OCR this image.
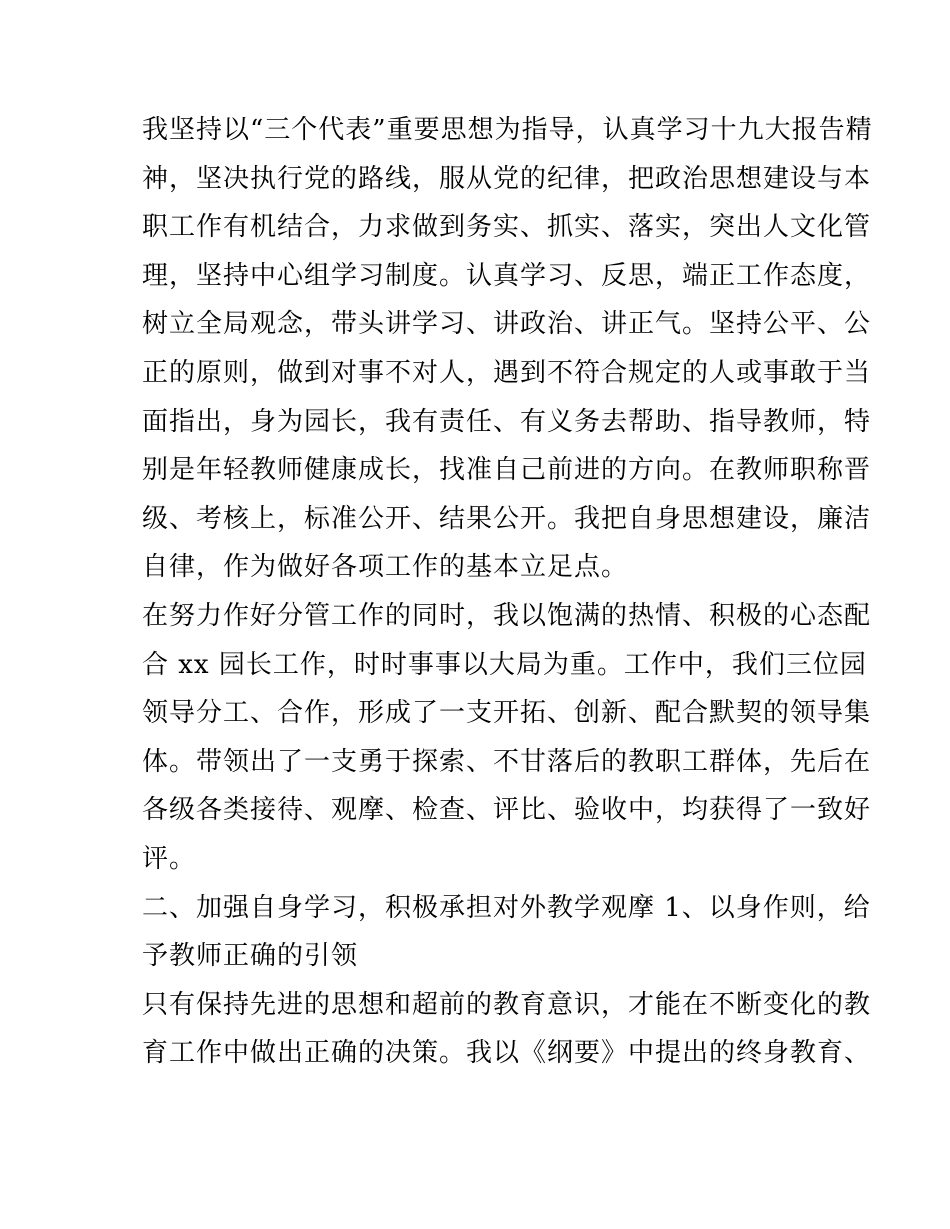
我坚持以“三个代表”重要思想为指导，认真学习十九大报告精
神，坚决执行党的路线，服从党的纪律，把政治思想建设与本
职工作有机结合，力求做到务实、抓实、落实，突出人文化管
理，坚持中心组学习制度。认真学习、反思，端正工作态度，
树立全局观念，带头讲学习、讲政治、讲正气。坚持公平、公
正的原则，做到对事不对人，遇到不符合规定的人或事敢于当
面指出，身为园长，我有责任、有义务去帮助、指导教师，特
别是年轻教师健康成长，找准自己前进的方向。在教师职称晋
级、考核上，标准公开、结果公开。我把自身思想建设，廉洁
自律，作为做好各项工作的基本立足点。
在努力作好分管工作的同时，我以饱满的热情、积极的心态配
合 xx 园长工作，时时事事以大局为重。工作中，我们三位园
领导分工、合作，形成了一支开拓、创新、配合默契的领导集
体。带领出了一支勇于探索、不甘落后的教职工群体，先后在
各级各类接待、观摩、检查、评比、验收中，均获得了一致好
评。
二、加强自身学习，积极承担对外教学观摩 1、以身作则，给
予教师正确的引领
只有保持先进的思想和超前的教育意识，才能在不断变化的教
育工作中做出正确的决策。我以《纲要》中提出的终身教育、
